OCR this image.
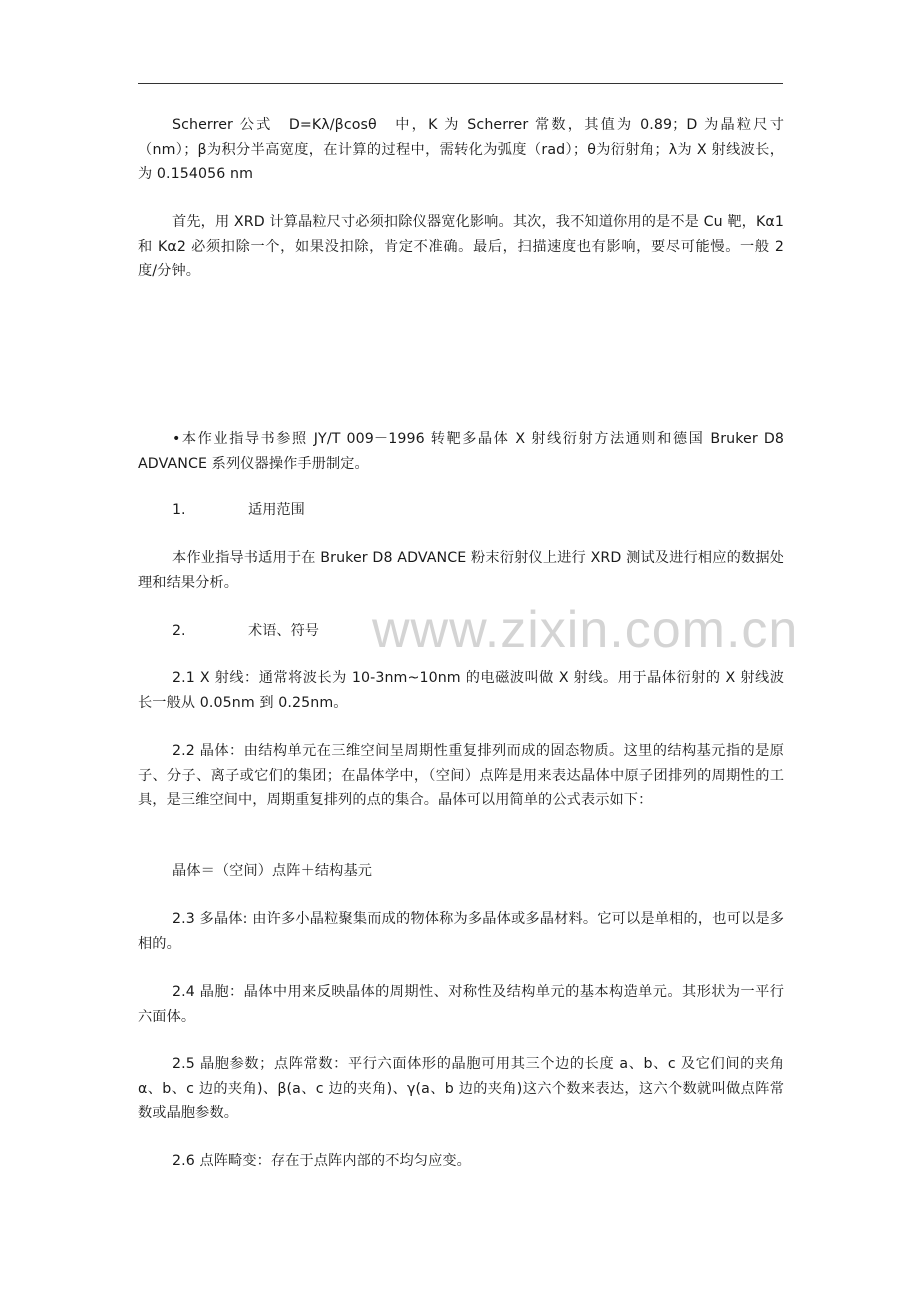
www.zixin.com.cn

Scherrer 公式　D=Kλ/βcosθ　中，K 为 Scherrer 常数，其值为 0.89；D 为晶粒尺寸（nm）；β为积分半高宽度，在计算的过程中，需转化为弧度（rad）；θ为衍射角；λ为 X 射线波长，为 0.154056 nm

首先，用 XRD 计算晶粒尺寸必须扣除仪器宽化影响。其次，我不知道你用的是不是 Cu 靶，Kα1 和 Kα2 必须扣除一个，如果没扣除，肯定不准确。最后，扫描速度也有影响，要尽可能慢。一般 2 度/分钟。

•本作业指导书参照 JY/T 009－1996 转靶多晶体 X 射线衍射方法通则和德国 Bruker D8 ADVANCE 系列仪器操作手册制定。

1.	适用范围

本作业指导书适用于在 Bruker D8 ADVANCE 粉末衍射仪上进行 XRD 测试及进行相应的数据处理和结果分析。

2.	术语、符号

2.1 X 射线：通常将波长为 10-3nm~10nm 的电磁波叫做 X 射线。用于晶体衍射的 X 射线波长一般从 0.05nm 到 0.25nm。

2.2 晶体：由结构单元在三维空间呈周期性重复排列而成的固态物质。这里的结构基元指的是原子、分子、离子或它们的集团；在晶体学中，（空间）点阵是用来表达晶体中原子团排列的周期性的工具，是三维空间中，周期重复排列的点的集合。晶体可以用简单的公式表示如下：

晶体＝（空间）点阵＋结构基元

2.3 多晶体: 由许多小晶粒聚集而成的物体称为多晶体或多晶材料。它可以是单相的，也可以是多相的。

2.4 晶胞：晶体中用来反映晶体的周期性、对称性及结构单元的基本构造单元。其形状为一平行六面体。

2.5 晶胞参数；点阵常数：平行六面体形的晶胞可用其三个边的长度 a、b、c 及它们间的夹角α、b、c 边的夹角)、β(a、c 边的夹角)、γ(a、b 边的夹角)这六个数来表达，这六个数就叫做点阵常数或晶胞参数。

2.6 点阵畸变：存在于点阵内部的不均匀应变。
